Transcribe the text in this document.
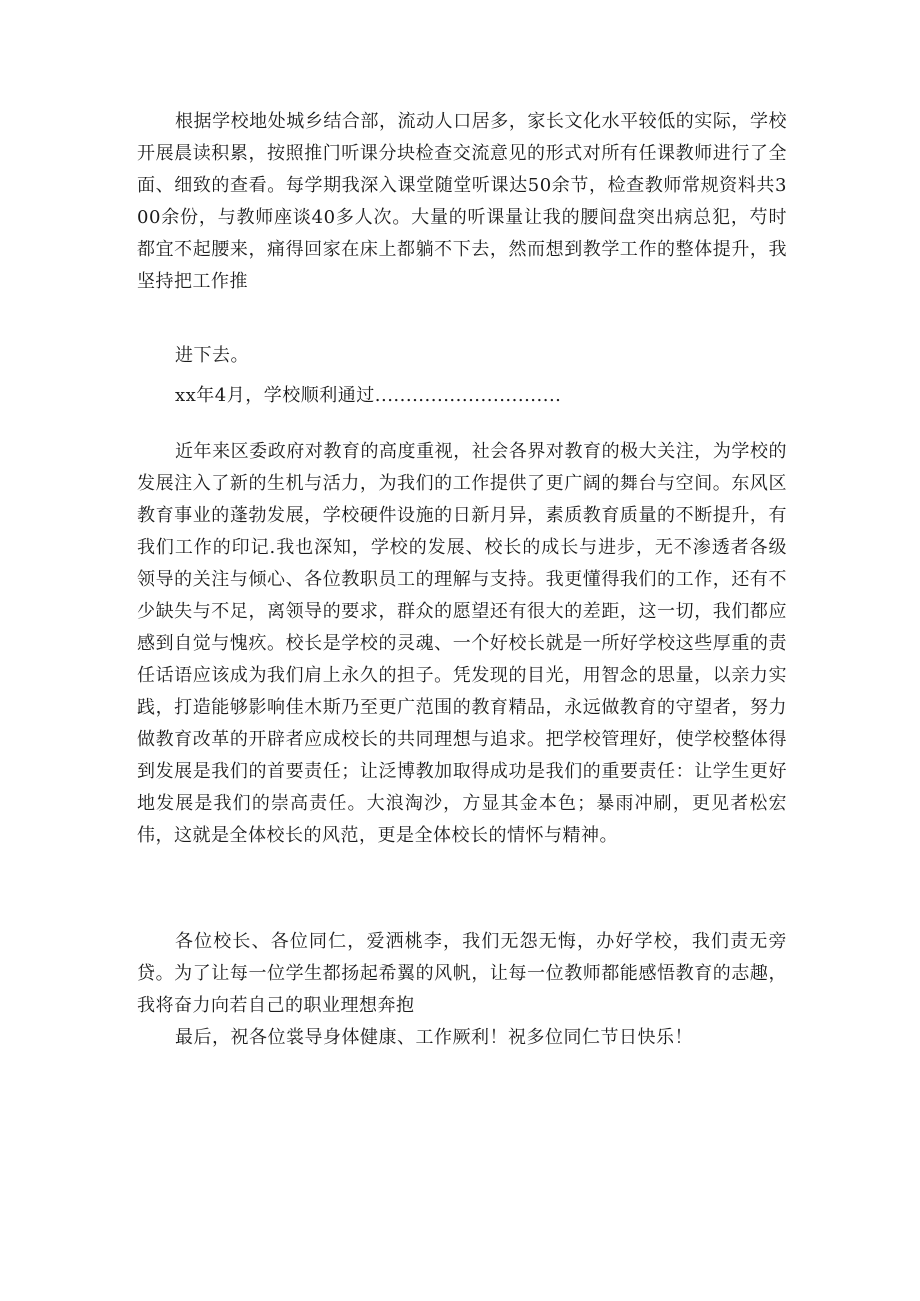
根据学校地处城乡结合部，流动人口居多，家长文化水平较低的实际，学校开展晨读积累，按照推门听课分块检查交流意见的形式对所有任课教师进行了全面、细致的查看。每学期我深入课堂随堂听课达50余节，检查教师常规资料共300余份，与教师座谈40多人次。大量的听课量让我的腰间盘突出病总犯，芍时都宜不起腰来，痛得回家在床上都躺不下去，然而想到教学工作的整体提升，我坚持把工作推

进下去。

xx年4月，学校顺利通过..............................

近年来区委政府对教育的高度重视，社会各界对教育的极大关注，为学校的发展注入了新的生机与活力，为我们的工作提供了更广阔的舞台与空间。东风区教育事业的蓬勃发展，学校硬件设施的日新月异，素质教育质量的不断提升，有我们工作的印记.我也深知，学校的发展、校长的成长与进步，无不渗透者各级领导的关注与倾心、各位教职员工的理解与支持。我更懂得我们的工作，还有不少缺失与不足，离领导的要求，群众的愿望还有很大的差距，这一切，我们都应感到自觉与愧疚。校长是学校的灵魂、一个好校长就是一所好学校这些厚重的责任话语应该成为我们肩上永久的担子。凭发现的目光，用智念的思量，以亲力实践，打造能够影响佳木斯乃至更广范围的教育精品，永远做教育的守望者，努力做教育改革的开辟者应成校长的共同理想与追求。把学校管理好，使学校整体得到发展是我们的首要责任；让泛博教加取得成功是我们的重要责任：让学生更好地发展是我们的崇高责任。大浪淘沙，方显其金本色；暴雨冲刷，更见者松宏伟，这就是全体校长的风范，更是全体校长的情怀与精神。

各位校长、各位同仁，爱洒桃李，我们无怨无悔，办好学校，我们责无旁贷。为了让每一位学生都扬起希翼的风帆，让每一位教师都能感悟教育的志趣，我将奋力向若自己的职业理想奔抱

最后，祝各位裳导身体健康、工作厥利！祝多位同仁节日快乐！
